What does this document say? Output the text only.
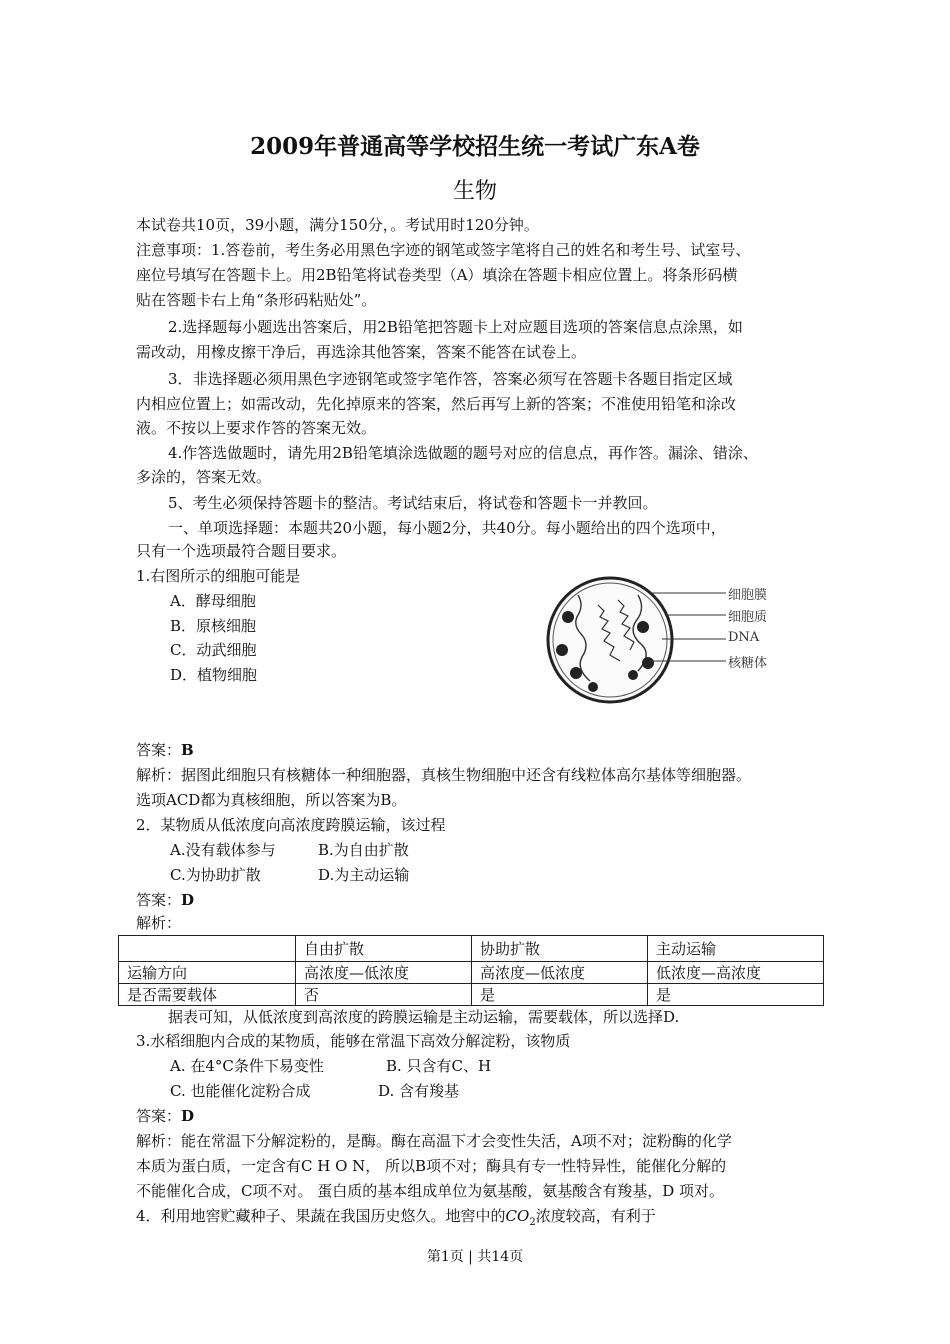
2009年普通高等学校招生统一考试广东A卷
生物
本试卷共10页，39小题，满分150分，。考试用时120分钟。
注意事项：1.答卷前，考生务必用黑色字迹的钢笔或签字笔将自己的姓名和考生号、试室号、
座位号填写在答题卡上。用2B铅笔将试卷类型（A）填涂在答题卡相应位置上。将条形码横
贴在答题卡右上角“条形码粘贴处”。
2.选择题每小题选出答案后，用2B铅笔把答题卡上对应题目选项的答案信息点涂黑，如
需改动，用橡皮擦干净后，再选涂其他答案，答案不能答在试卷上。
3．非选择题必须用黑色字迹钢笔或签字笔作答，答案必须写在答题卡各题目指定区域
内相应位置上；如需改动，先化掉原来的答案，然后再写上新的答案；不准使用铅笔和涂改
液。不按以上要求作答的答案无效。
4.作答选做题时，请先用2B铅笔填涂选做题的题号对应的信息点，再作答。漏涂、错涂、
多涂的，答案无效。
5、考生必须保持答题卡的整洁。考试结束后，将试卷和答题卡一并教回。
一、单项选择题：本题共20小题，每小题2分，共40分。每小题给出的四个选项中，
只有一个选项最符合题目要求。
1.右图所示的细胞可能是
A．酵母细胞
B．原核细胞
C．动武细胞
D．植物细胞
细胞膜
细胞质
DNA
核糖体
答案：B
解析：据图此细胞只有核糖体一种细胞器，真核生物细胞中还含有线粒体高尔基体等细胞器。
选项ACD都为真核细胞，所以答案为B。
2．某物质从低浓度向高浓度跨膜运输，该过程
A.没有载体参与	B.为自由扩散
C.为协助扩散	D.为主动运输
答案：D
解析：
	自由扩散	协助扩散	主动运输
运输方向	高浓度—低浓度	高浓度—低浓度	低浓度—高浓度
是否需要载体	否	是	是
据表可知，从低浓度到高浓度的跨膜运输是主动运输，需要载体，所以选择D.
3.水稻细胞内合成的某物质，能够在常温下高效分解淀粉，该物质
A. 在4°C条件下易变性	B. 只含有C、H
C. 也能催化淀粉合成	D. 含有羧基
答案：D
解析：能在常温下分解淀粉的，是酶。酶在高温下才会变性失活，A项不对；淀粉酶的化学
本质为蛋白质，一定含有C H O N， 所以B项不对；酶具有专一性特异性，能催化分解的
不能催化合成，C项不对。 蛋白质的基本组成单位为氨基酸，氨基酸含有羧基，D 项对。
4．利用地窖贮藏种子、果蔬在我国历史悠久。地窖中的$CO_2$浓度较高，有利于
第1页 | 共14页
